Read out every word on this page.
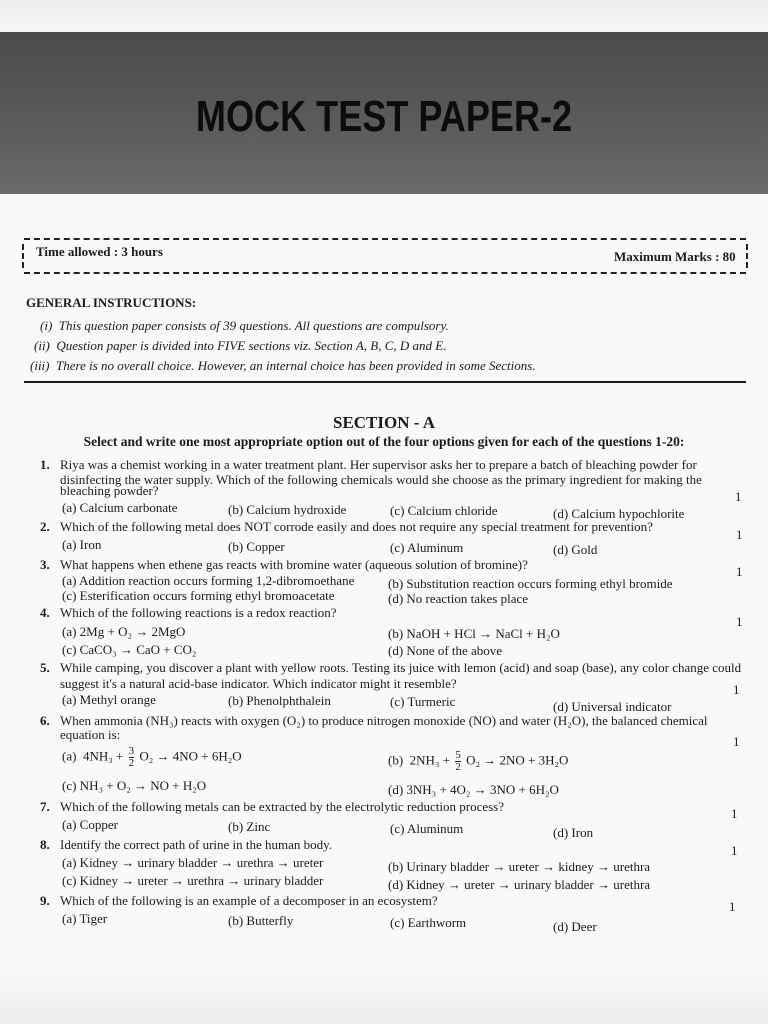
MOCK TEST PAPER-2
Time allowed : 3 hours	Maximum Marks : 80
GENERAL INSTRUCTIONS:
(i) This question paper consists of 39 questions. All questions are compulsory.
(ii) Question paper is divided into FIVE sections viz. Section A, B, C, D and E.
(iii) There is no overall choice. However, an internal choice has been provided in some Sections.
SECTION - A
Select and write one most appropriate option out of the four options given for each of the questions 1-20:
1. Riya was a chemist working in a water treatment plant. Her supervisor asks her to prepare a batch of bleaching powder for
disinfecting the water supply. Which of the following chemicals would she choose as the primary ingredient for making the
bleaching powder?	1
(a) Calcium carbonate	(b) Calcium hydroxide	(c) Calcium chloride	(d) Calcium hypochlorite
2. Which of the following metal does NOT corrode easily and does not require any special treatment for prevention?
1
(a) Iron	(b) Copper	(c) Aluminum	(d) Gold
3. What happens when ethene gas reacts with bromine water (aqueous solution of bromine)?	1
(a) Addition reaction occurs forming 1,2-dibromoethane	(b) Substitution reaction occurs forming ethyl bromide
(c) Esterification occurs forming ethyl bromoacetate	(d) No reaction takes place
4. Which of the following reactions is a redox reaction?
1
(a) 2Mg + O₂ → 2MgO	(b) NaOH + HCl → NaCl + H₂O
(c) CaCO₃ → CaO + CO₂	(d) None of the above
5. While camping, you discover a plant with yellow roots. Testing its juice with lemon (acid) and soap (base), any color change could
suggest it's a natural acid-base indicator. Which indicator might it resemble?	1
(a) Methyl orange	(b) Phenolphthalein	(c) Turmeric	(d) Universal indicator
6. When ammonia (NH₃) reacts with oxygen (O₂) to produce nitrogen monoxide (NO) and water (H₂O), the balanced chemical
equation is:	1
(a) $4NH_3 + \frac{3}{2} O_2 \to 4NO + 6H_2O$	(b) $2NH_3 + \frac{5}{2} O_2 \to 2NO + 3H_2O$
(c) NH₃ + O₂ → NO + H₂O	(d) 3NH₃ + 4O₂ → 3NO + 6H₂O
7. Which of the following metals can be extracted by the electrolytic reduction process?	1
(a) Copper	(b) Zinc	(c) Aluminum	(d) Iron
8. Identify the correct path of urine in the human body.	1
(a) Kidney → urinary bladder → urethra → ureter	(b) Urinary bladder → ureter → kidney → urethra
(c) Kidney → ureter → urethra → urinary bladder	(d) Kidney → ureter → urinary bladder → urethra
9. Which of the following is an example of a decomposer in an ecosystem?	1
(a) Tiger	(b) Butterfly	(c) Earthworm	(d) Deer
